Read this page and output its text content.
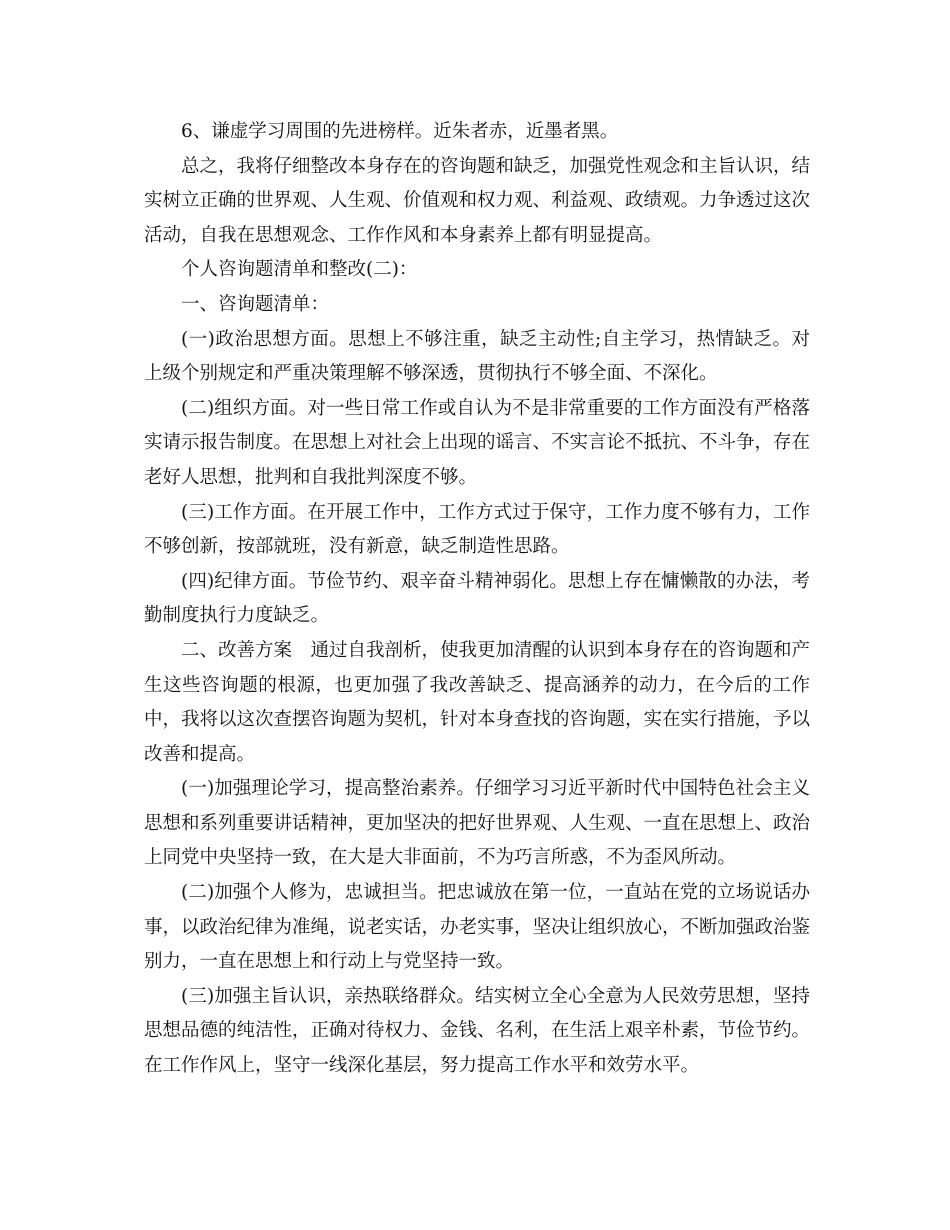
6、谦虚学习周围的先进榜样。近朱者赤，近墨者黑。

总之，我将仔细整改本身存在的咨询题和缺乏，加强党性观念和主旨认识，结实树立正确的世界观、人生观、价值观和权力观、利益观、政绩观。力争透过这次活动，自我在思想观念、工作作风和本身素养上都有明显提高。

个人咨询题清单和整改(二)：

一、咨询题清单：

(一)政治思想方面。思想上不够注重，缺乏主动性;自主学习，热情缺乏。对上级个别规定和严重决策理解不够深透，贯彻执行不够全面、不深化。

(二)组织方面。对一些日常工作或自认为不是非常重要的工作方面没有严格落实请示报告制度。在思想上对社会上出现的谣言、不实言论不抵抗、不斗争，存在老好人思想，批判和自我批判深度不够。

(三)工作方面。在开展工作中，工作方式过于保守，工作力度不够有力，工作不够创新，按部就班，没有新意，缺乏制造性思路。

(四)纪律方面。节俭节约、艰辛奋斗精神弱化。思想上存在慵懒散的办法，考勤制度执行力度缺乏。

二、改善方案　通过自我剖析，使我更加清醒的认识到本身存在的咨询题和产生这些咨询题的根源，也更加强了我改善缺乏、提高涵养的动力，在今后的工作中，我将以这次查摆咨询题为契机，针对本身查找的咨询题，实在实行措施，予以改善和提高。

(一)加强理论学习，提高整治素养。仔细学习习近平新时代中国特色社会主义思想和系列重要讲话精神，更加坚决的把好世界观、人生观、一直在思想上、政治上同党中央坚持一致，在大是大非面前，不为巧言所惑，不为歪风所动。

(二)加强个人修为，忠诚担当。把忠诚放在第一位，一直站在党的立场说话办事，以政治纪律为准绳，说老实话，办老实事，坚决让组织放心，不断加强政治鉴别力，一直在思想上和行动上与党坚持一致。

(三)加强主旨认识，亲热联络群众。结实树立全心全意为人民效劳思想，坚持思想品德的纯洁性，正确对待权力、金钱、名利，在生活上艰辛朴素，节俭节约。在工作作风上，坚守一线深化基层，努力提高工作水平和效劳水平。
